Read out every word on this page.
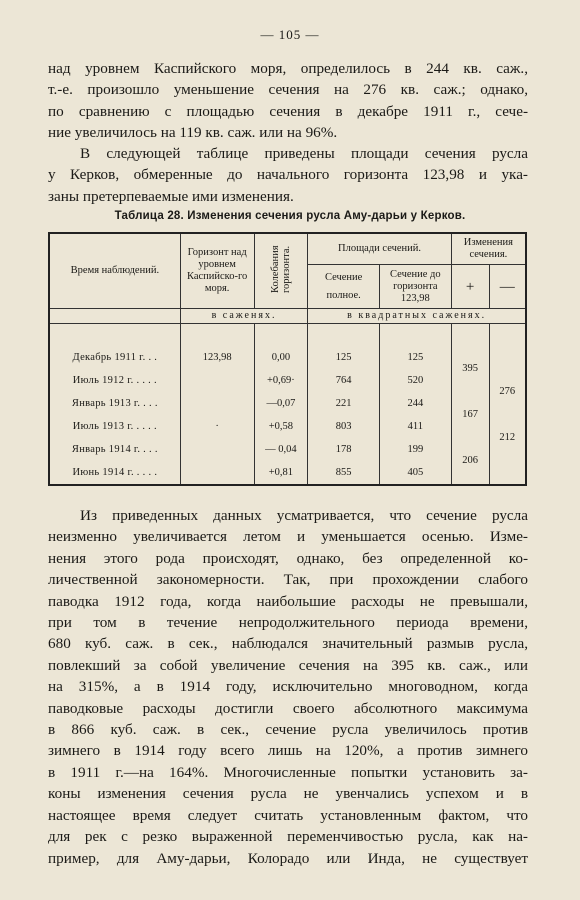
— 105 —
над уровнем Каспийского моря, определилось в 244 кв. саж.,
т.-е. произошло уменьшение сечения на 276 кв. саж.; однако,
по сравнению с площадью сечения в декабре 1911 г., сече-
ние увеличилось на 119 кв. саж. или на 96%.
В следующей таблице приведены площади сечения русла
у Керков, обмеренные до начального горизонта 123,98 и ука-
заны претерпеваемые ими изменения.
Таблица 28. Изменения сечения русла Аму-дарьи у Керков.
Время наблюдений.	Горизонт над уровнем Каспийско-го моря.	Колебания горизонта.	Площади сечений.		Изменения сечения.	
			Сечение полное.	Сечение до горизонта 123,98	+	—
	в саженях.		в квадратных саженях.			

Декабрь 1911 г. . .	123,98	0,00	125	125	395	
Июль 1912 г. . . . .		+0,69·	764	520		276
Январь 1913 г. . . .		—0,07	221	244	167	
Июль 1913 г. . . . .	·	+0,58	803	411		212
Январь 1914 г. . . .		— 0,04	178	199	206	
Июнь 1914 г. . . . .		+0,81	855	405		
Из приведенных данных усматривается, что сечение русла
неизменно увеличивается летом и уменьшается осенью. Изме-
нения этого рода происходят, однако, без определенной ко-
личественной закономерности. Так, при прохождении слабого
паводка 1912 года, когда наибольшие расходы не превышали,
при том в течение непродолжительного периода времени,
680 куб. саж. в сек., наблюдался значительный размыв русла,
повлекший за собой увеличение сечения на 395 кв. саж., или
на 315%, а в 1914 году, исключительно многоводном, когда
паводковые расходы достигли своего абсолютного максимума
в 866 куб. саж. в сек., сечение русла увеличилось против
зимнего в 1914 году всего лишь на 120%, а против зимнего
в 1911 г.—на 164%. Многочисленные попытки установить за-
коны изменения сечения русла не увенчались успехом и в
настоящее время следует считать установленным фактом, что
для рек с резко выраженной переменчивостью русла, как на-
пример, для Аму-дарьи, Колорадо или Инда, не существует
